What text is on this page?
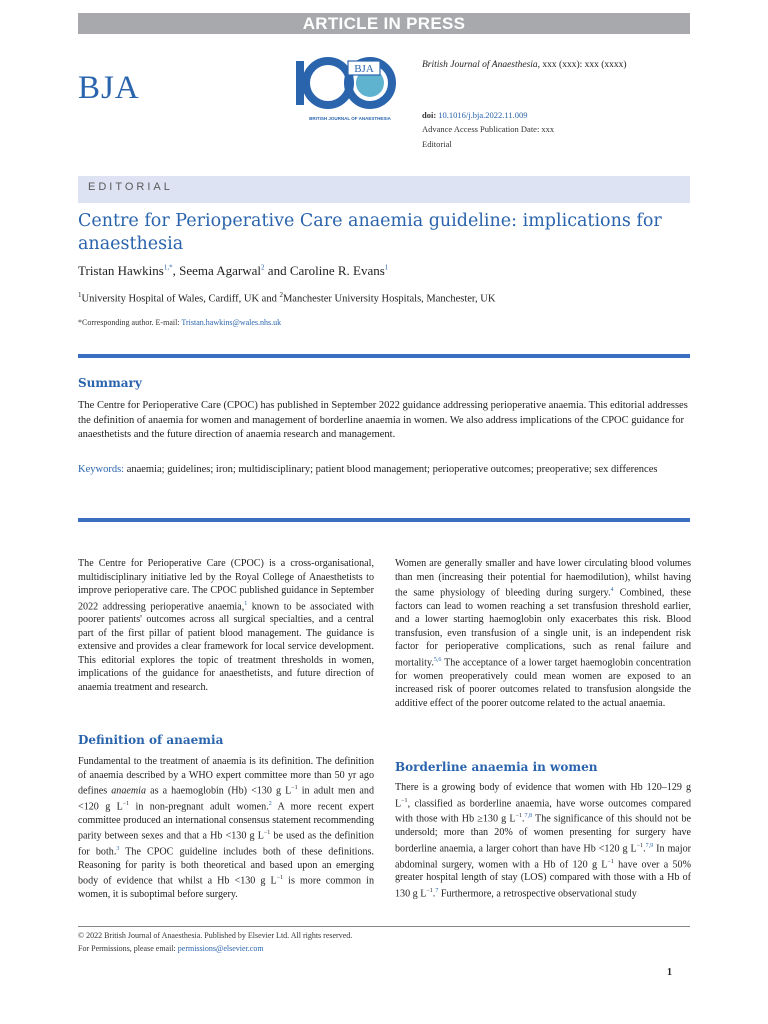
ARTICLE IN PRESS
BJA
BJA
BRITISH JOURNAL OF ANAESTHESIA
British Journal of Anaesthesia, xxx (xxx): xxx (xxxx)
doi: 10.1016/j.bja.2022.11.009
Advance Access Publication Date: xxx
Editorial
EDITORIAL
Centre for Perioperative Care anaemia guideline: implications for anaesthesia
Tristan Hawkins$^{1,*}$, Seema Agarwal$^2$ and Caroline R. Evans$^1$
$^1$University Hospital of Wales, Cardiff, UK and $^2$Manchester University Hospitals, Manchester, UK
*Corresponding author. E-mail: Tristan.hawkins@wales.nhs.uk
Summary

The Centre for Perioperative Care (CPOC) has published in September 2022 guidance addressing perioperative anaemia. This editorial addresses the definition of anaemia for women and management of borderline anaemia in women. We also address implications of the CPOC guidance for anaesthetists and the future direction of anaemia research and management.

Keywords: anaemia; guidelines; iron; multidisciplinary; patient blood management; perioperative outcomes; preoperative; sex differences

The Centre for Perioperative Care (CPOC) is a cross-organisational, multidisciplinary initiative led by the Royal College of Anaesthetists to improve perioperative care. The CPOC published guidance in September 2022 addressing perioperative anaemia,$^1$ known to be associated with poorer patients' outcomes across all surgical specialties, and a central part of the first pillar of patient blood management. The guidance is extensive and provides a clear framework for local service development. This editorial explores the topic of treatment thresholds in women, implications of the guidance for anaesthetists, and future direction of anaemia treatment and research.

Definition of anaemia

Fundamental to the treatment of anaemia is its definition. The definition of anaemia described by a WHO expert committee more than 50 yr ago defines anaemia as a haemoglobin (Hb) <130 g $L^{-1}$ in adult men and <120 g $L^{-1}$ in non-pregnant adult women.$^2$ A more recent expert committee produced an international consensus statement recommending parity between sexes and that a Hb <130 g $L^{-1}$ be used as the definition for both.$^3$ The CPOC guideline includes both of these definitions. Reasoning for parity is both theoretical and based upon an emerging body of evidence that whilst a Hb <130 g $L^{-1}$ is more common in women, it is suboptimal before surgery.

Women are generally smaller and have lower circulating blood volumes than men (increasing their potential for haemodilution), whilst having the same physiology of bleeding during surgery.$^4$ Combined, these factors can lead to women reaching a set transfusion threshold earlier, and a lower starting haemoglobin only exacerbates this risk. Blood transfusion, even transfusion of a single unit, is an independent risk factor for perioperative complications, such as renal failure and mortality.$^{5,6}$ The acceptance of a lower target haemoglobin concentration for women preoperatively could mean women are exposed to an increased risk of poorer outcomes related to transfusion alongside the additive effect of the poorer outcome related to the actual anaemia.

Borderline anaemia in women

There is a growing body of evidence that women with Hb 120–129 g $L^{-1}$, classified as borderline anaemia, have worse outcomes compared with those with Hb ≥130 g $L^{-1}.^{7,8}$ The significance of this should not be undersold; more than 20% of women presenting for surgery have borderline anaemia, a larger cohort than have Hb <120 g $L^{-1}.^{7,9}$ In major abdominal surgery, women with a Hb of 120 g $L^{-1}$ have over a 50% greater hospital length of stay (LOS) compared with those with a Hb of 130 g $L^{-1}.^7$ Furthermore, a retrospective observational study

© 2022 British Journal of Anaesthesia. Published by Elsevier Ltd. All rights reserved.
For Permissions, please email: permissions@elsevier.com
1
